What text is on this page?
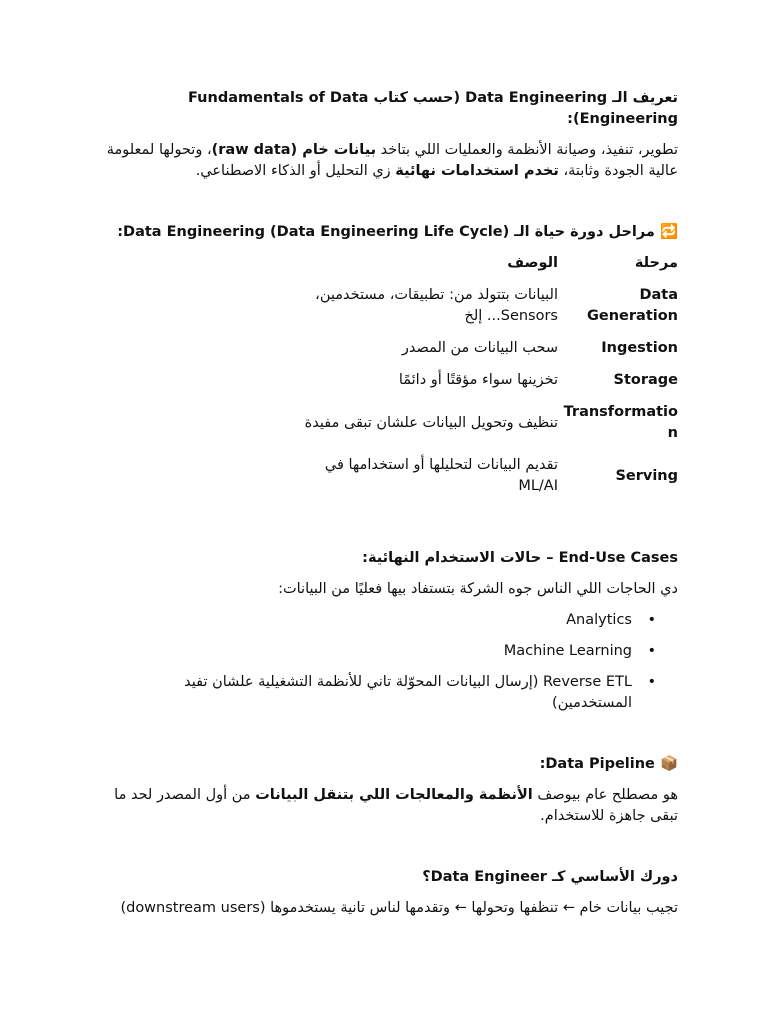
تعريف الـ Data Engineering (حسب كتاب Fundamentals of Data Engineering):
تطوير، تنفيذ، وصيانة الأنظمة والعمليات اللي بتاخد بيانات خام (raw data)، وتحولها لمعلومة عالية الجودة وثابتة، تخدم استخدامات نهائية زي التحليل أو الذكاء الاصطناعي.
🔁 مراحل دورة حياة الـ Data Engineering (Data Engineering Life Cycle):
مرحلة	الوصف
Data Generation	البيانات بتتولد من: تطبيقات، مستخدمين، Sensors... إلخ
Ingestion	سحب البيانات من المصدر
Storage	تخزينها سواء مؤقتًا أو دائمًا
Transformation	تنظيف وتحويل البيانات علشان تبقى مفيدة
Serving	تقديم البيانات لتحليلها أو استخدامها في ML/AI
End-Use Cases – حالات الاستخدام النهائية:
دي الحاجات اللي الناس جوه الشركة بتستفاد بيها فعليًا من البيانات:
• Analytics
• Machine Learning
• Reverse ETL (إرسال البيانات المحوّلة تاني للأنظمة التشغيلية علشان تفيد المستخدمين)
📦 Data Pipeline:
هو مصطلح عام بيوصف الأنظمة والمعالجات اللي بتنقل البيانات من أول المصدر لحد ما تبقى جاهزة للاستخدام.
دورك الأساسي كـ Data Engineer؟
تجيب بيانات خام ← تنظفها وتحولها ← وتقدمها لناس تانية يستخدموها (downstream users)
